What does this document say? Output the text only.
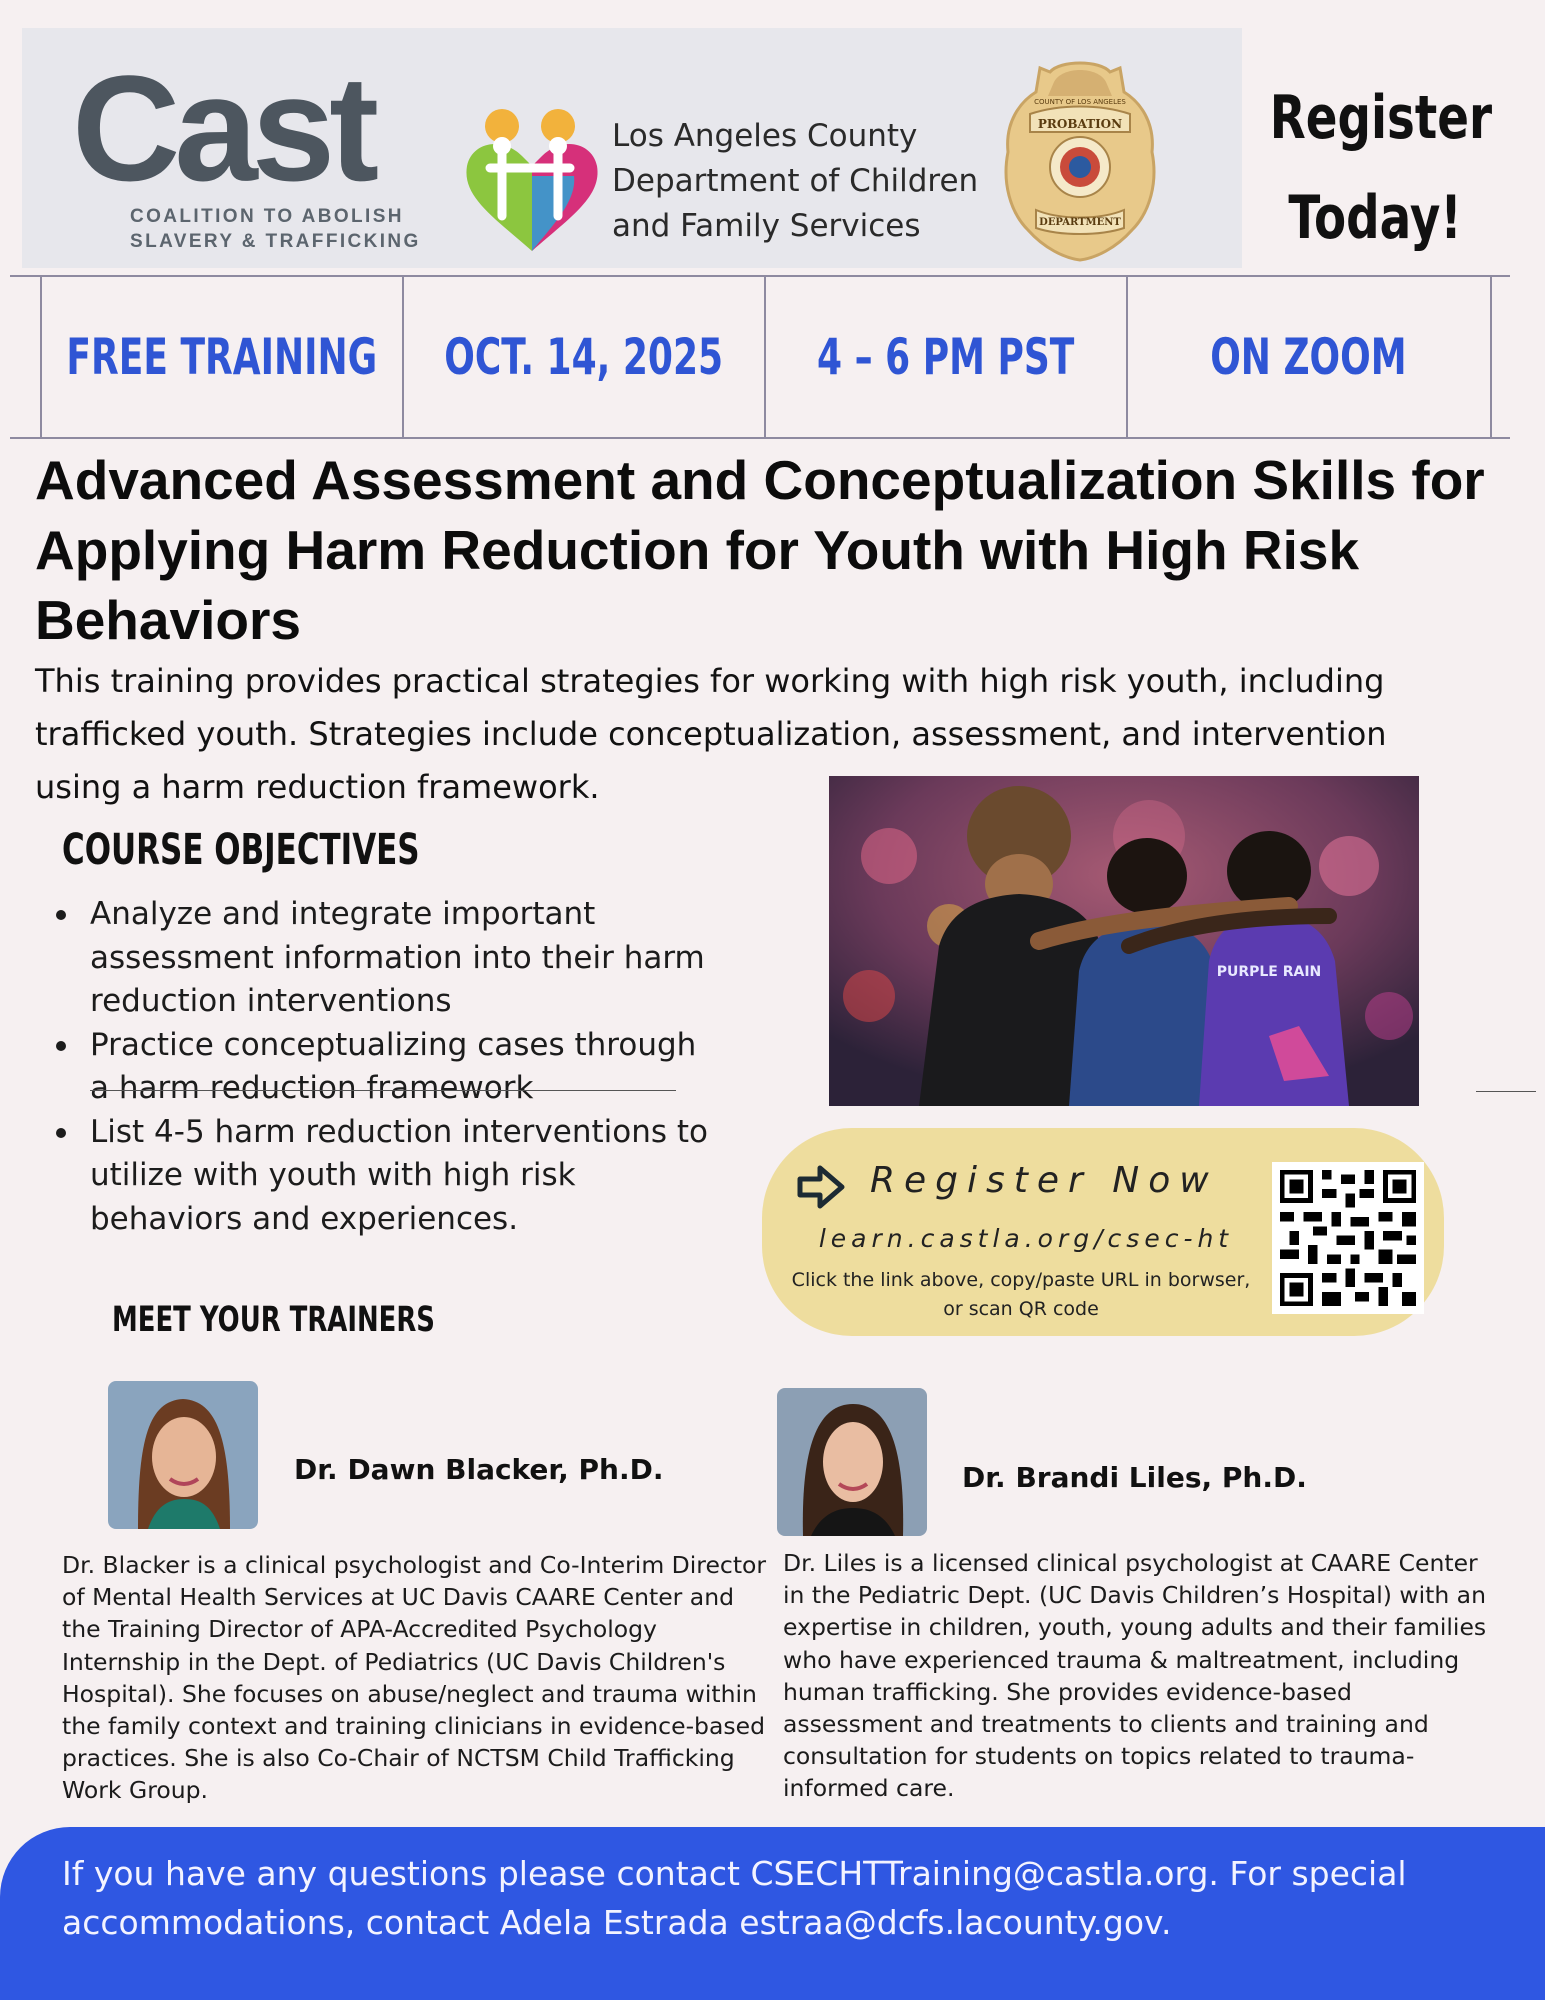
Cast
COALITION TO ABOLISH
SLAVERY & TRAFFICKING
Los Angeles County
Department of Children
and Family Services
PROBATION
DEPARTMENT
COUNTY OF LOS ANGELES Register
Today!
FREE TRAINING OCT. 14, 2025 4 – 6 PM PST	ON ZOOM
Advanced Assessment and Conceptualization Skills for Applying Harm Reduction for Youth with High Risk Behaviors

This training provides practical strategies for working with high risk youth, including trafficked youth. Strategies include conceptualization, assessment, and intervention using a harm reduction framework.

COURSE OBJECTIVES
Analyze and integrate important assessment information into their harm reduction interventions
Practice conceptualizing cases through a harm reduction framework
List 4-5 harm reduction interventions to utilize with youth with high risk behaviors and experiences.
PURPLE RAIN
Register Now
learn.castla.org/csec-ht
Click the link above, copy/paste URL in borwser, or scan QR code
MEET YOUR TRAINERS
Dr. Dawn Blacker, Ph.D.

Dr. Blacker is a clinical psychologist and Co-Interim Director of Mental Health Services at UC Davis CAARE Center and the Training Director of APA-Accredited Psychology Internship in the Dept. of Pediatrics (UC Davis Children's Hospital). She focuses on abuse/neglect and trauma within the family context and training clinicians in evidence-based practices. She is also Co-Chair of NCTSM Child Trafficking Work Group.

Dr. Brandi Liles, Ph.D.

Dr. Liles is a licensed clinical psychologist at CAARE Center in the Pediatric Dept. (UC Davis Children’s Hospital) with an expertise in children, youth, young adults and their families who have experienced trauma & maltreatment, including human trafficking. She provides evidence-based assessment and treatments to clients and training and consultation for students on topics related to trauma-informed care.

If you have any questions please contact CSECHTTraining@castla.org. For special accommodations, contact Adela Estrada estraa@dcfs.lacounty.gov.
